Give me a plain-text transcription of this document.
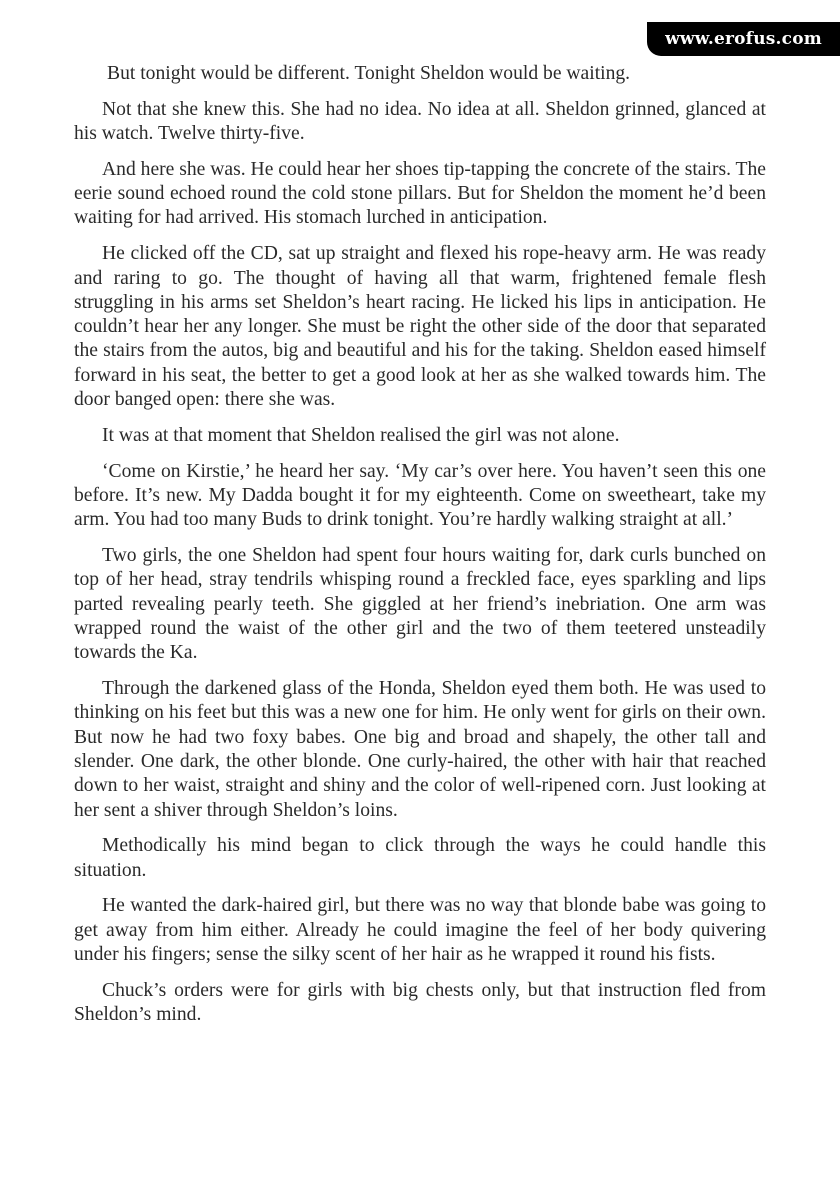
www.erofus.com

But tonight would be different. Tonight Sheldon would be waiting.

Not that she knew this. She had no idea. No idea at all. Sheldon grinned, glanced at his watch. Twelve thirty-five.

And here she was. He could hear her shoes tip-tapping the concrete of the stairs. The eerie sound echoed round the cold stone pillars. But for Sheldon the moment he’d been waiting for had arrived. His stomach lurched in anticipation.

He clicked off the CD, sat up straight and flexed his rope-heavy arm. He was ready and raring to go. The thought of having all that warm, frightened female flesh struggling in his arms set Sheldon’s heart racing. He licked his lips in anticipation. He couldn’t hear her any longer. She must be right the other side of the door that separated the stairs from the autos, big and beautiful and his for the taking. Sheldon eased himself forward in his seat, the better to get a good look at her as she walked towards him. The door banged open: there she was.

It was at that moment that Sheldon realised the girl was not alone.

‘Come on Kirstie,’ he heard her say. ‘My car’s over here. You haven’t seen this one before. It’s new. My Dadda bought it for my eighteenth. Come on sweetheart, take my arm. You had too many Buds to drink tonight. You’re hardly walking straight at all.’

Two girls, the one Sheldon had spent four hours waiting for, dark curls bunched on top of her head, stray tendrils whisping round a freckled face, eyes sparkling and lips parted revealing pearly teeth. She giggled at her friend’s inebriation. One arm was wrapped round the waist of the other girl and the two of them teetered unsteadily towards the Ka.

Through the darkened glass of the Honda, Sheldon eyed them both. He was used to thinking on his feet but this was a new one for him. He only went for girls on their own. But now he had two foxy babes. One big and broad and shapely, the other tall and slender. One dark, the other blonde. One curly-haired, the other with hair that reached down to her waist, straight and shiny and the color of well-ripened corn. Just looking at her sent a shiver through Sheldon’s loins.

Methodically his mind began to click through the ways he could handle this situation.

He wanted the dark-haired girl, but there was no way that blonde babe was going to get away from him either. Already he could imagine the feel of her body quivering under his fingers; sense the silky scent of her hair as he wrapped it round his fists.

Chuck’s orders were for girls with big chests only, but that instruction fled from Sheldon’s mind.
